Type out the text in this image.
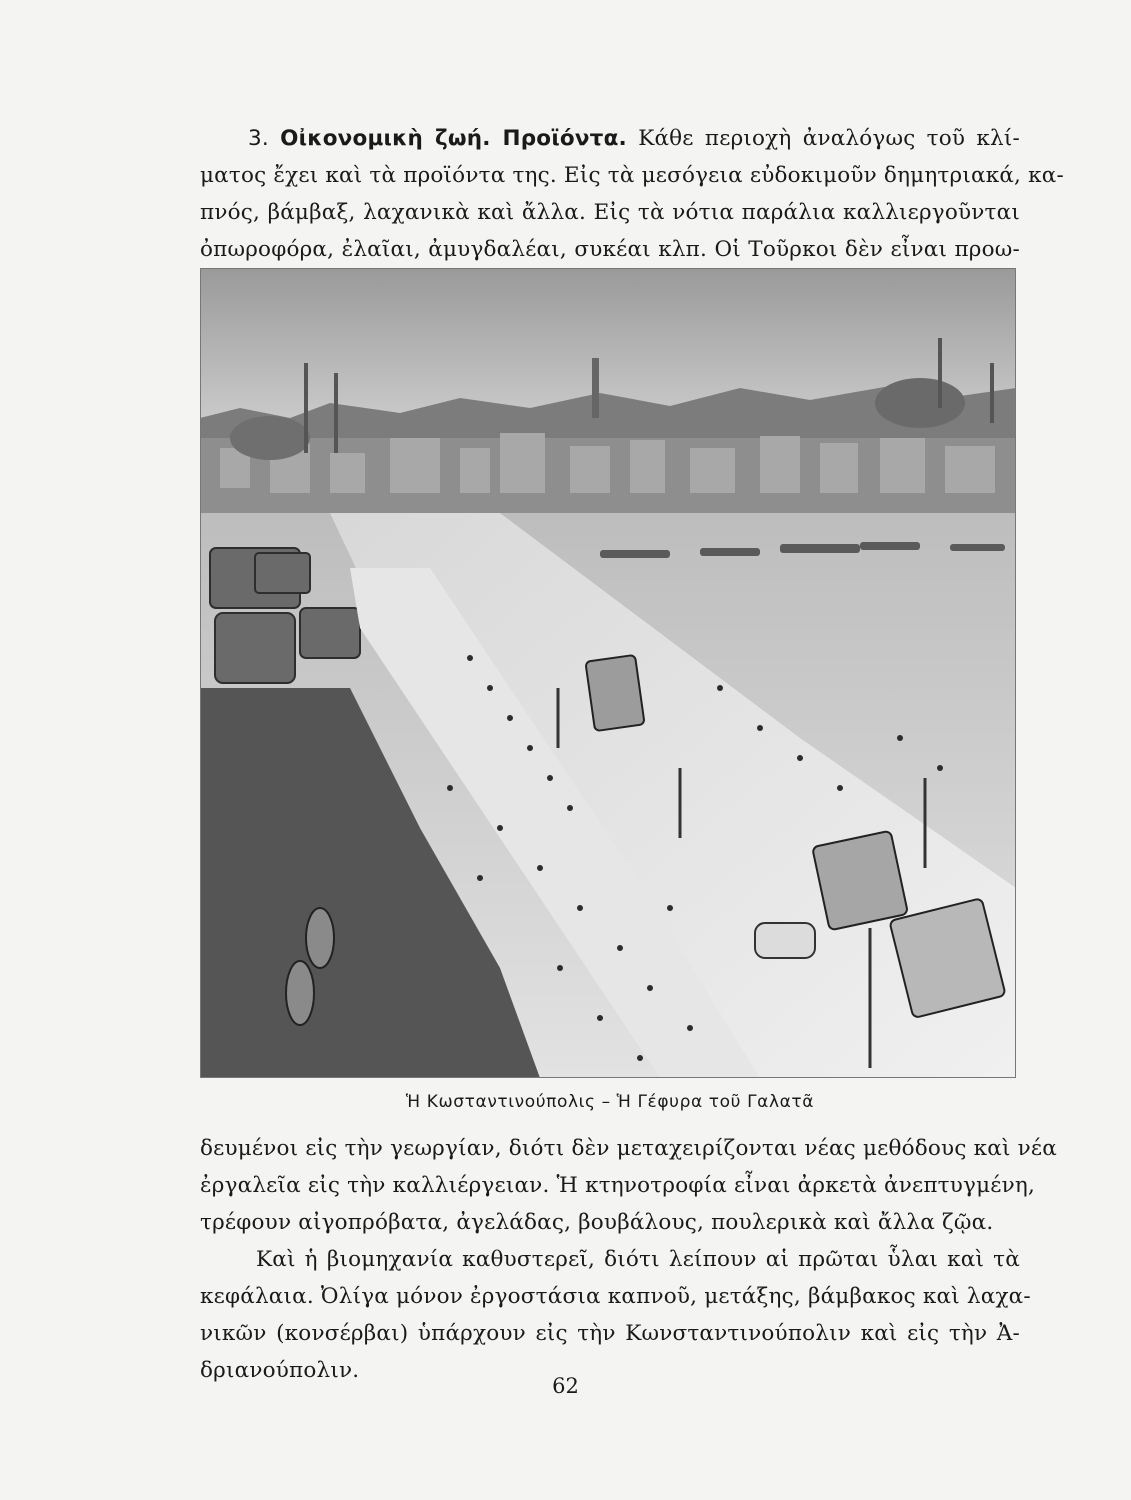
3. Οἰκονομικὴ ζωή. Προϊόντα. Κάθε περιοχὴ ἀναλόγως τοῦ κλί-
ματος ἔχει καὶ τὰ προϊόντα της. Εἰς τὰ μεσόγεια εὐδοκιμοῦν δημητριακά, κα-
πνός, βάμβαξ, λαχανικὰ καὶ ἄλλα. Εἰς τὰ νότια παράλια καλλιεργοῦνται
ὀπωροφόρα, ἐλαῖαι, ἀμυγδαλέαι, συκέαι κλπ. Οἱ Τοῦρκοι δὲν εἶναι προω-
Ἡ Κωσταντινούπολις – Ἡ Γέφυρα τοῦ Γαλατᾶ
δευμένοι εἰς τὴν γεωργίαν, διότι δὲν μεταχειρίζονται νέας μεθόδους καὶ νέα
ἐργαλεῖα εἰς τὴν καλλιέργειαν. Ἡ κτηνοτροφία εἶναι ἀρκετὰ ἀνεπτυγμένη,
τρέφουν αἰγοπρόβατα, ἀγελάδας, βουβάλους, πουλερικὰ καὶ ἄλλα ζῷα.
Καὶ ἡ βιομηχανία καθυστερεῖ, διότι λείπουν αἱ πρῶται ὗλαι καὶ τὰ
κεφάλαια. Ὀλίγα μόνον ἐργοστάσια καπνοῦ, μετάξης, βάμβακος καὶ λαχα-
νικῶν (κονσέρβαι) ὑπάρχουν εἰς τὴν Κωνσταντινούπολιν καὶ εἰς τὴν Ἀ-
δριανούπολιν.
62
